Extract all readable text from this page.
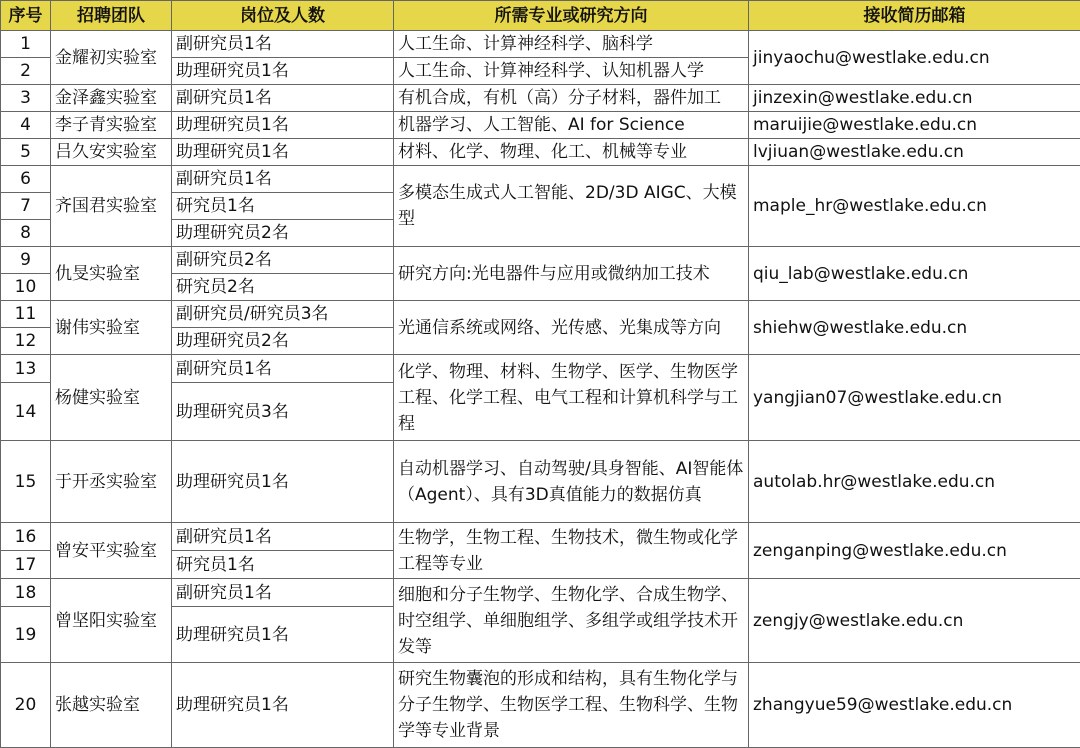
序号	招聘团队	岗位及人数	所需专业或研究方向	接收简历邮箱
1	金耀初实验室	副研究员1名	人工生命、计算神经科学、脑科学	jinyaochu@westlake.edu.cn
2		助理研究员1名	人工生命、计算神经科学、认知机器人学	
3	金泽鑫实验室	副研究员1名	有机合成，有机（高）分子材料，器件加工	jinzexin@westlake.edu.cn
4	李子青实验室	助理研究员1名	机器学习、人工智能、AI for Science	maruijie@westlake.edu.cn
5	吕久安实验室	助理研究员1名	材料、化学、物理、化工、机械等专业	lvjiuan@westlake.edu.cn
6	齐国君实验室	副研究员1名	多模态生成式人工智能、2D/3D AIGC、大模型	maple_hr@westlake.edu.cn
7		研究员1名		
8		助理研究员2名		
9	仇旻实验室	副研究员2名	研究方向:光电器件与应用或微纳加工技术	qiu_lab@westlake.edu.cn
10		研究员2名		
11	谢伟实验室	副研究员/研究员3名	光通信系统或网络、光传感、光集成等方向	shiehw@westlake.edu.cn
12		助理研究员2名		
13	杨健实验室	副研究员1名	化学、物理、材料、生物学、医学、生物医学工程、化学工程、电气工程和计算机科学与工程	yangjian07@westlake.edu.cn
14		助理研究员3名		
15	于开丞实验室	助理研究员1名	自动机器学习、自动驾驶/具身智能、AI智能体（Agent）、具有3D真值能力的数据仿真	autolab.hr@westlake.edu.cn
16	曾安平实验室	副研究员1名	生物学，生物工程、生物技术，微生物或化学工程等专业	zenganping@westlake.edu.cn
17		研究员1名		
18	曾坚阳实验室	副研究员1名	细胞和分子生物学、生物化学、合成生物学、时空组学、单细胞组学、多组学或组学技术开发等	zengjy@westlake.edu.cn
19		助理研究员1名		
20	张越实验室	助理研究员1名	研究生物囊泡的形成和结构，具有生物化学与分子生物学、生物医学工程、生物科学、生物学等专业背景	zhangyue59@westlake.edu.cn
